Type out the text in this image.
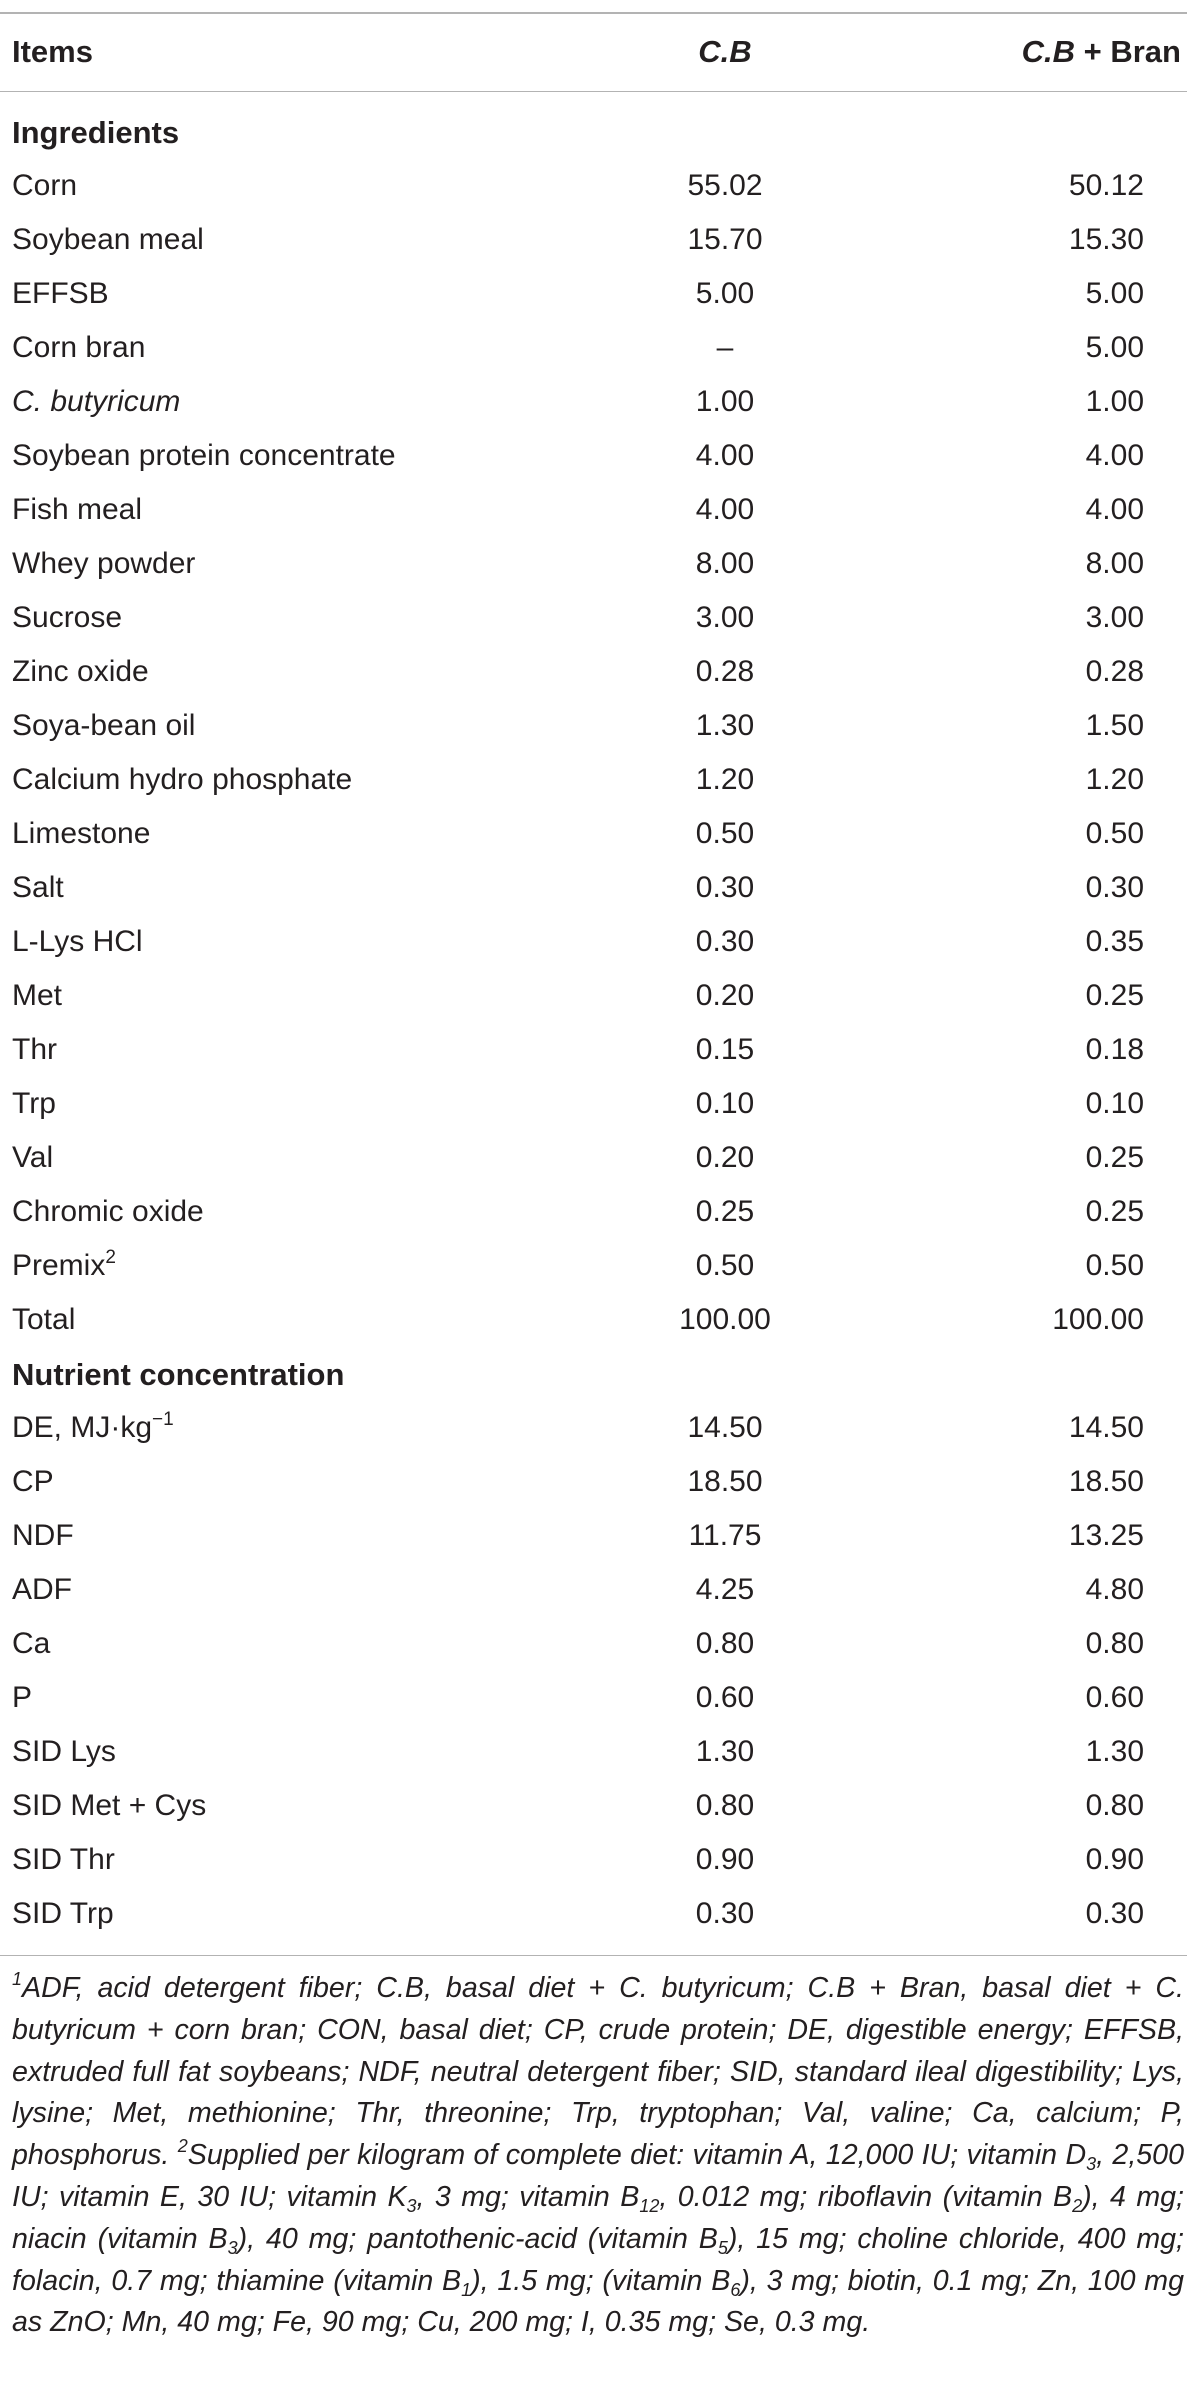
Items	C.B	C.B + Bran
Ingredients
Corn	55.02	50.12
Soybean meal	15.70	15.30
EFFSB	5.00	5.00
Corn bran	–	5.00
C. butyricum	1.00	1.00
Soybean protein concentrate	4.00	4.00
Fish meal	4.00	4.00
Whey powder	8.00	8.00
Sucrose	3.00	3.00
Zinc oxide	0.28	0.28
Soya-bean oil	1.30	1.50
Calcium hydro phosphate	1.20	1.20
Limestone	0.50	0.50
Salt	0.30	0.30
L-Lys HCl	0.30	0.35
Met	0.20	0.25
Thr	0.15	0.18
Trp	0.10	0.10
Val	0.20	0.25
Chromic oxide	0.25	0.25
Premix$^2$	0.50	0.50
Total	100.00	100.00
Nutrient concentration
DE, $MJ\cdot kg^{-1}$	14.50	14.50
CP	18.50	18.50
NDF	11.75	13.25
ADF	4.25	4.80
Ca	0.80	0.80
P	0.60	0.60
SID Lys	1.30	1.30
SID Met + Cys	0.80	0.80
SID Thr	0.90	0.90
SID Trp	0.30	0.30
$^1$ADF, acid detergent fiber; C.B, basal diet + C. butyricum; C.B + Bran, basal diet + C. butyricum + corn bran; CON, basal diet; CP, crude protein; DE, digestible energy; EFFSB, extruded full fat soybeans; NDF, neutral detergent fiber; SID, standard ileal digestibility; Lys, lysine; Met, methionine; Thr, threonine; Trp, tryptophan; Val, valine; Ca, calcium; P, phosphorus. $^2$Supplied per kilogram of complete diet: vitamin A, 12,000 IU; vitamin $D_3$, 2,500 IU; vitamin E, 30 IU; vitamin $K_3$, 3 mg; vitamin $B_{12}$, 0.012 mg; riboflavin (vitamin $B_2$), 4 mg; niacin (vitamin $B_3$), 40 mg; pantothenic-acid (vitamin $B_5$), 15 mg; choline chloride, 400 mg; folacin, 0.7 mg; thiamine (vitamin $B_1$), 1.5 mg; (vitamin $B_6$), 3 mg; biotin, 0.1 mg; Zn, 100 mg as ZnO; Mn, 40 mg; Fe, 90 mg; Cu, 200 mg; I, 0.35 mg; Se, 0.3 mg.
